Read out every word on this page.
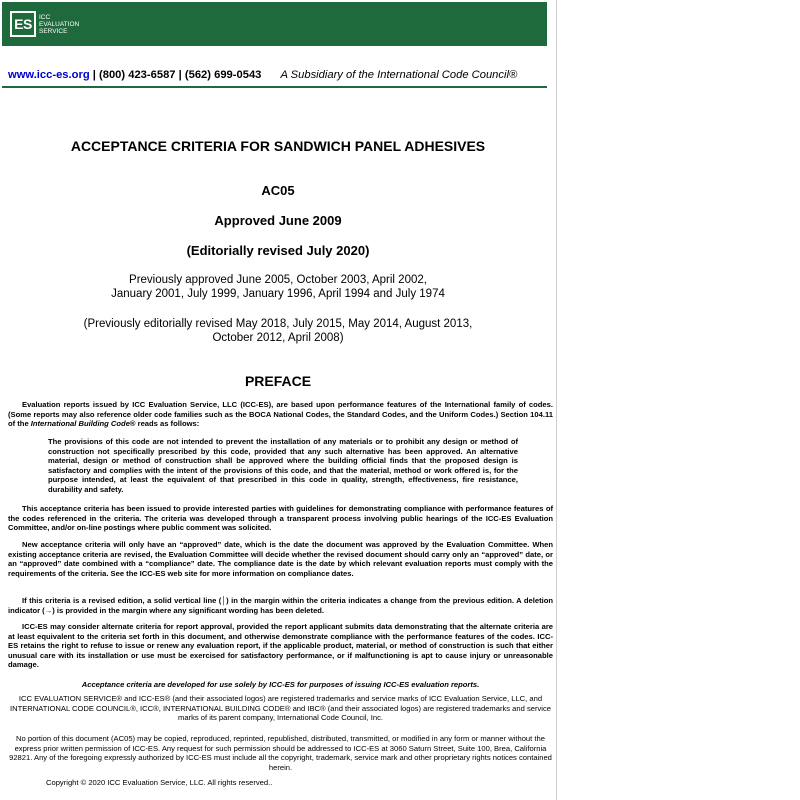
ES	ICC
EVALUATION
SERVICE
www.icc-es.org | (800) 423-6587 | (562) 699-0543 A Subsidiary of the International Code Council®
ACCEPTANCE CRITERIA FOR SANDWICH PANEL ADHESIVES
AC05
Approved June 2009
(Editorially revised July 2020)
Previously approved June 2005, October 2003, April 2002,
January 2001, July 1999, January 1996, April 1994 and July 1974
(Previously editorially revised May 2018, July 2015, May 2014, August 2013,
October 2012, April 2008)
PREFACE
Evaluation reports issued by ICC Evaluation Service, LLC (ICC-ES), are based upon performance features of the International family of codes. (Some reports may also reference older code families such as the BOCA National Codes, the Standard Codes, and the Uniform Codes.) Section 104.11 of the International Building Code® reads as follows:
The provisions of this code are not intended to prevent the installation of any materials or to prohibit any design or method of construction not specifically prescribed by this code, provided that any such alternative has been approved. An alternative material, design or method of construction shall be approved where the building official finds that the proposed design is satisfactory and complies with the intent of the provisions of this code, and that the material, method or work offered is, for the purpose intended, at least the equivalent of that prescribed in this code in quality, strength, effectiveness, fire resistance, durability and safety.
This acceptance criteria has been issued to provide interested parties with guidelines for demonstrating compliance with performance features of the codes referenced in the criteria. The criteria was developed through a transparent process involving public hearings of the ICC-ES Evaluation Committee, and/or on-line postings where public comment was solicited.
New acceptance criteria will only have an “approved” date, which is the date the document was approved by the Evaluation Committee. When existing acceptance criteria are revised, the Evaluation Committee will decide whether the revised document should carry only an “approved” date, or an “approved” date combined with a “compliance” date. The compliance date is the date by which relevant evaluation reports must comply with the requirements of the criteria. See the ICC-ES web site for more information on compliance dates.
If this criteria is a revised edition, a solid vertical line (│) in the margin within the criteria indicates a change from the previous edition. A deletion indicator (→) is provided in the margin where any significant wording has been deleted.
ICC-ES may consider alternate criteria for report approval, provided the report applicant submits data demonstrating that the alternate criteria are at least equivalent to the criteria set forth in this document, and otherwise demonstrate compliance with the performance features of the codes. ICC-ES retains the right to refuse to issue or renew any evaluation report, if the applicable product, material, or method of construction is such that either unusual care with its installation or use must be exercised for satisfactory performance, or if malfunctioning is apt to cause injury or unreasonable damage.
Acceptance criteria are developed for use solely by ICC-ES for purposes of issuing ICC-ES evaluation reports.
ICC EVALUATION SERVICE® and ICC-ES® (and their associated logos) are registered trademarks and service marks of ICC Evaluation Service, LLC, and INTERNATIONAL CODE COUNCIL®, ICC®, INTERNATIONAL BUILDING CODE® and IBC® (and their associated logos) are registered trademarks and service marks of its parent company, International Code Council, Inc.
No portion of this document (AC05) may be copied, reproduced, reprinted, republished, distributed, transmitted, or modified in any form or manner without the express prior written permission of ICC-ES. Any request for such permission should be addressed to ICC-ES at 3060 Saturn Street, Suite 100, Brea, California 92821. Any of the foregoing expressly authorized by ICC-ES must include all the copyright, trademark, service mark and other proprietary rights notices contained herein.
Copyright © 2020 ICC Evaluation Service, LLC. All rights reserved..
